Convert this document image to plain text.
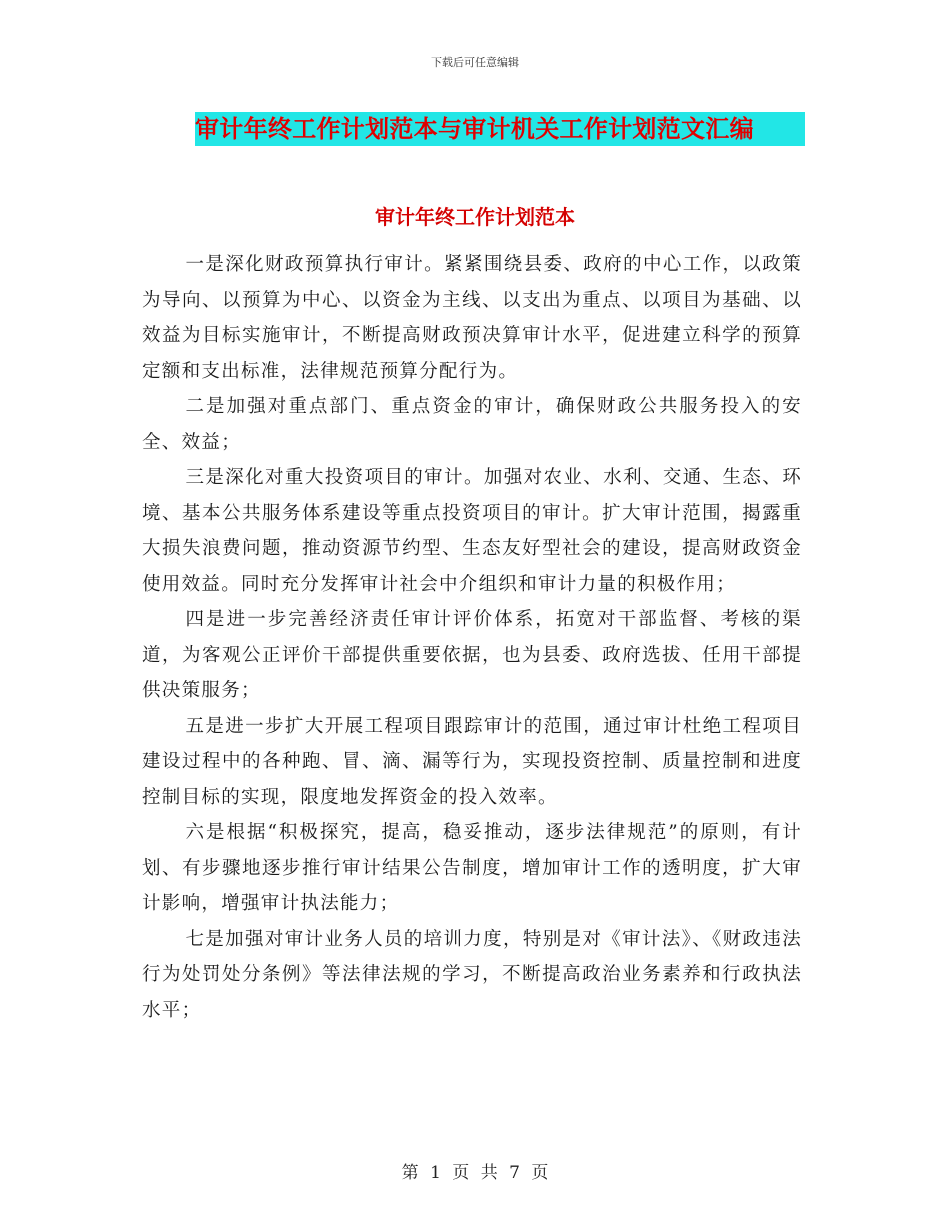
下载后可任意编辑
审计年终工作计划范本与审计机关工作计划范文汇编
审计年终工作计划范本

一是深化财政预算执行审计。紧紧围绕县委、政府的中心工作，以政策为导向、以预算为中心、以资金为主线、以支出为重点、以项目为基础、以效益为目标实施审计，不断提高财政预决算审计水平，促进建立科学的预算定额和支出标准，法律规范预算分配行为。

二是加强对重点部门、重点资金的审计，确保财政公共服务投入的安全、效益；

三是深化对重大投资项目的审计。加强对农业、水利、交通、生态、环境、基本公共服务体系建设等重点投资项目的审计。扩大审计范围，揭露重大损失浪费问题，推动资源节约型、生态友好型社会的建设，提高财政资金使用效益。同时充分发挥审计社会中介组织和审计力量的积极作用；

四是进一步完善经济责任审计评价体系，拓宽对干部监督、考核的渠道，为客观公正评价干部提供重要依据，也为县委、政府选拔、任用干部提供决策服务；

五是进一步扩大开展工程项目跟踪审计的范围，通过审计杜绝工程项目建设过程中的各种跑、冒、滴、漏等行为，实现投资控制、质量控制和进度控制目标的实现，限度地发挥资金的投入效率。

六是根据“积极探究，提高，稳妥推动，逐步法律规范”的原则，有计划、有步骤地逐步推行审计结果公告制度，增加审计工作的透明度，扩大审计影响，增强审计执法能力；

七是加强对审计业务人员的培训力度，特别是对《审计法》、《财政违法行为处罚处分条例》等法律法规的学习，不断提高政治业务素养和行政执法水平；

第 1 页 共 7 页
